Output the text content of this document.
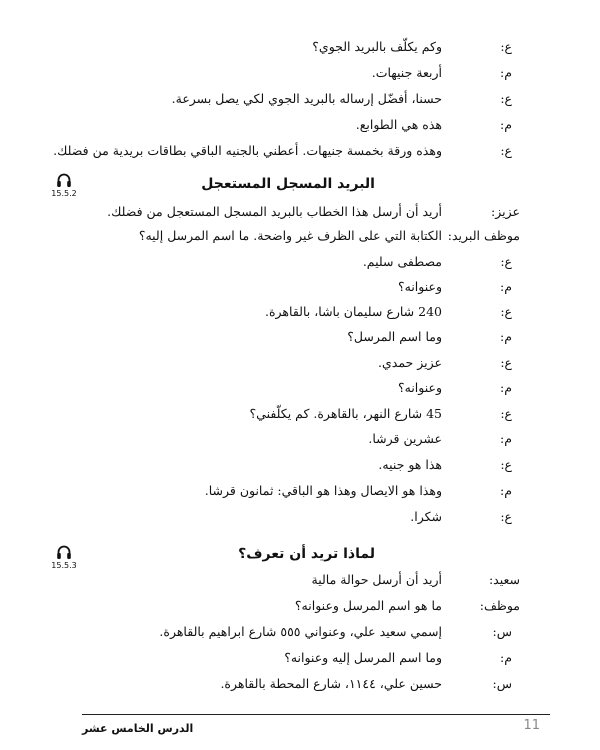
ع:
وكم يكلّف بالبريد الجوي؟
م:
أربعة جنيهات.
ع:
حسنا، أفضّل إرساله بالبريد الجوي لكي يصل بسرعة.
م:
هذه هي الطوابع.
ع:
وهذه ورقة بخمسة جنيهات. أعطني بالجنيه الباقي بطاقات بريدية من فضلك.
البريد المسجل المستعجل
15.5.2
عزيز:
أريد أن أرسل هذا الخطاب بالبريد المسجل المستعجل من فضلك.
موظف البريد:
الكتابة التي على الظرف غير واضحة. ما اسم المرسل إليه؟
ع:
مصطفى سليم.
م:
وعنوانه؟
ع:
240 شارع سليمان باشا، بالقاهرة.
م:
وما اسم المرسل؟
ع:
عزيز حمدي.
م:
وعنوانه؟
ع:
45 شارع النهر، بالقاهرة. كم يكلّفني؟
م:
عشرين قرشا.
ع:
هذا هو جنيه.
م:
وهذا هو الايصال وهذا هو الباقي: ثمانون قرشا.
ع:
شكرا.
لماذا تريد أن تعرف؟
15.5.3
سعيد:
أريد أن أرسل حوالة مالية
موظف:
ما هو اسم المرسل وعنوانه؟
س:
إسمي سعيد علي، وعنواني ٥٥٥ شارع ابراهيم بالقاهرة.
م:
وما اسم المرسل إليه وعنوانه؟
س:
حسين علي، ١١٤٤، شارع المحطة بالقاهرة.
الدرس الخامس عشر	11
